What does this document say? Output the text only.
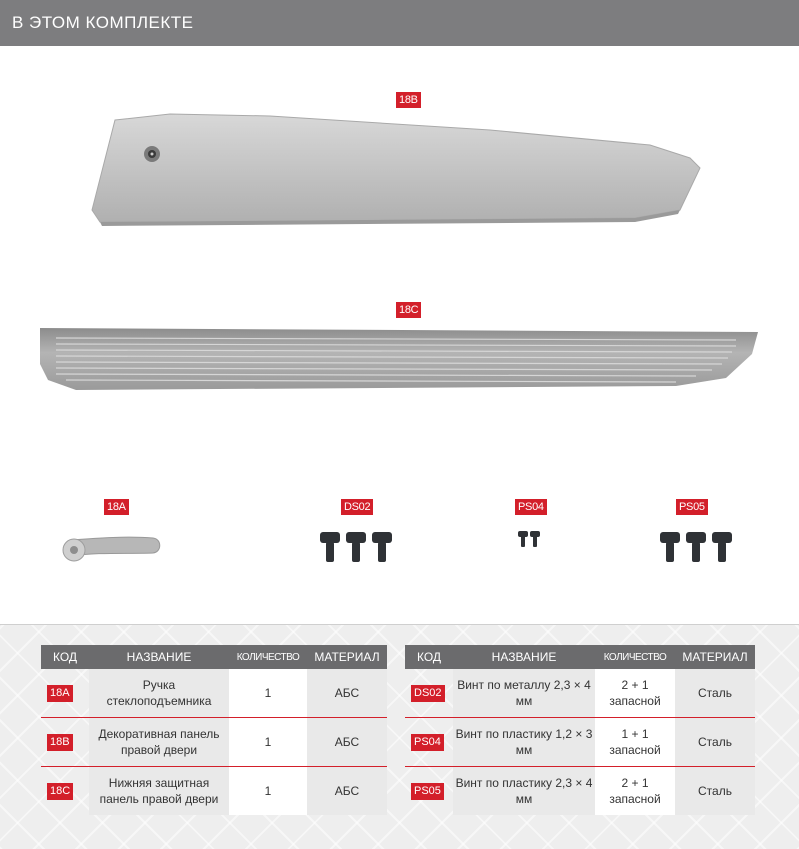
В ЭТОМ КОМПЛЕКТЕ
18B
18C
18A	DS02	PS04	PS05
КОД	НАЗВАНИЕ	КОЛИЧЕСТВО	МАТЕРИАЛ
18A	Ручка стеклоподъемника	1	АБС
18B	Декоративная панель правой двери	1	АБС
18C	Нижняя защитная панель правой двери	1	АБС
КОД	НАЗВАНИЕ	КОЛИЧЕСТВО	МАТЕРИАЛ
DS02	Винт по металлу 2,3 × 4 мм	2 + 1 запасной	Сталь
PS04	Винт по пластику 1,2 × 3 мм	1 + 1 запасной	Сталь
PS05	Винт по пластику 2,3 × 4 мм	2 + 1 запасной	Сталь
